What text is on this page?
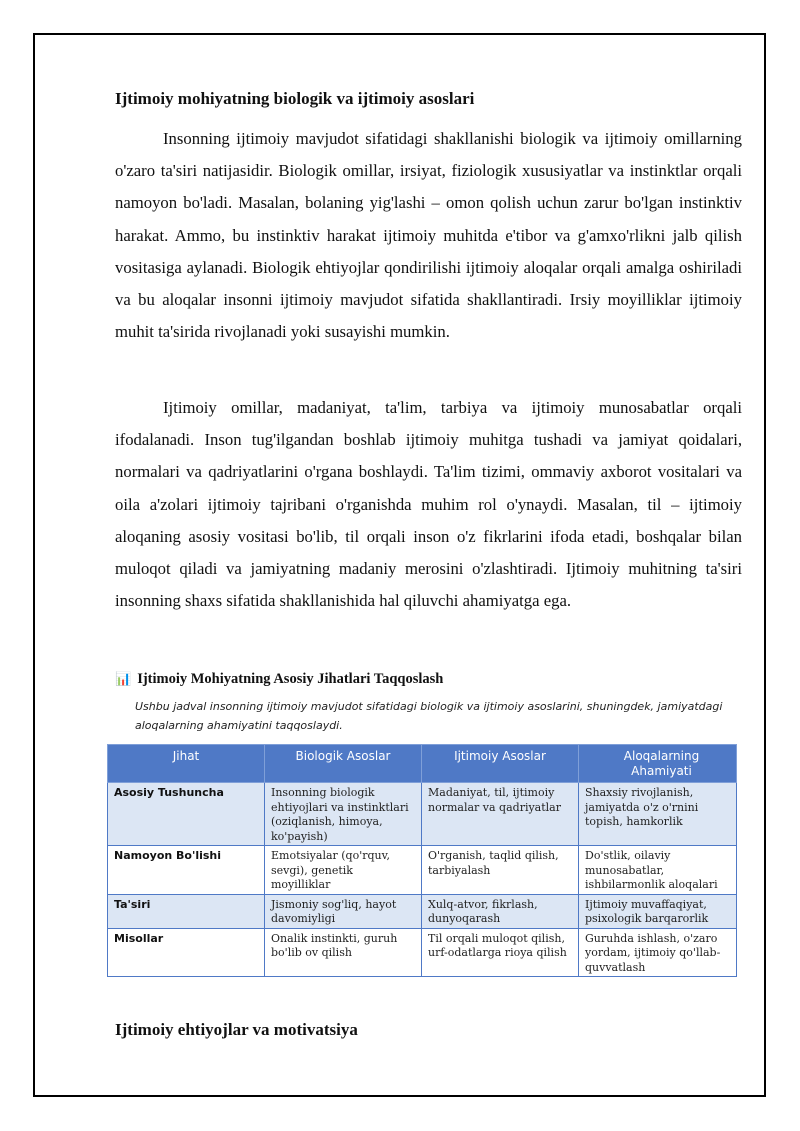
Ijtimoiy mohiyatning biologik va ijtimoiy asoslari

Insonning ijtimoiy mavjudot sifatidagi shakllanishi biologik va ijtimoiy omillarning o'zaro ta'siri natijasidir. Biologik omillar, irsiyat, fiziologik xususiyatlar va instinktlar orqali namoyon bo'ladi. Masalan, bolaning yig'lashi – omon qolish uchun zarur bo'lgan instinktiv harakat. Ammo, bu instinktiv harakat ijtimoiy muhitda e'tibor va g'amxo'rlikni jalb qilish vositasiga aylanadi. Biologik ehtiyojlar qondirilishi ijtimoiy aloqalar orqali amalga oshiriladi va bu aloqalar insonni ijtimoiy mavjudot sifatida shakllantiradi. Irsiy moyilliklar ijtimoiy muhit ta'sirida rivojlanadi yoki susayishi mumkin.

Ijtimoiy omillar, madaniyat, ta'lim, tarbiya va ijtimoiy munosabatlar orqali ifodalanadi. Inson tug'ilgandan boshlab ijtimoiy muhitga tushadi va jamiyat qoidalari, normalari va qadriyatlarini o'rgana boshlaydi. Ta'lim tizimi, ommaviy axborot vositalari va oila a'zolari ijtimoiy tajribani o'rganishda muhim rol o'ynaydi. Masalan, til – ijtimoiy aloqaning asosiy vositasi bo'lib, til orqali inson o'z fikrlarini ifoda etadi, boshqalar bilan muloqot qiladi va jamiyatning madaniy merosini o'zlashtiradi. Ijtimoiy muhitning ta'siri insonning shaxs sifatida shakllanishida hal qiluvchi ahamiyatga ega.

📊 Ijtimoiy Mohiyatning Asosiy Jihatlari Taqqoslash
Ushbu jadval insonning ijtimoiy mavjudot sifatidagi biologik va ijtimoiy asoslarini, shuningdek, jamiyatdagi aloqalarning ahamiyatini taqqoslaydi.
Jihat	Biologik Asoslar	Ijtimoiy Asoslar	Aloqalarning Ahamiyati
Asosiy Tushuncha	Insonning biologik ehtiyojlari va instinktlari (oziqlanish, himoya, ko'payish)	Madaniyat, til, ijtimoiy normalar va qadriyatlar	Shaxsiy rivojlanish, jamiyatda o'z o'rnini topish, hamkorlik
Namoyon Bo'lishi	Emotsiyalar (qo'rquv, sevgi), genetik moyilliklar	O'rganish, taqlid qilish, tarbiyalash	Do'stlik, oilaviy munosabatlar, ishbilarmonlik aloqalari
Ta'siri	Jismoniy sog'liq, hayot davomiyligi	Xulq-atvor, fikrlash, dunyoqarash	Ijtimoiy muvaffaqiyat, psixologik barqarorlik
Misollar	Onalik instinkti, guruh bo'lib ov qilish	Til orqali muloqot qilish, urf-odatlarga rioya qilish	Guruhda ishlash, o'zaro yordam, ijtimoiy qo'llab-quvvatlash
Ijtimoiy ehtiyojlar va motivatsiya
